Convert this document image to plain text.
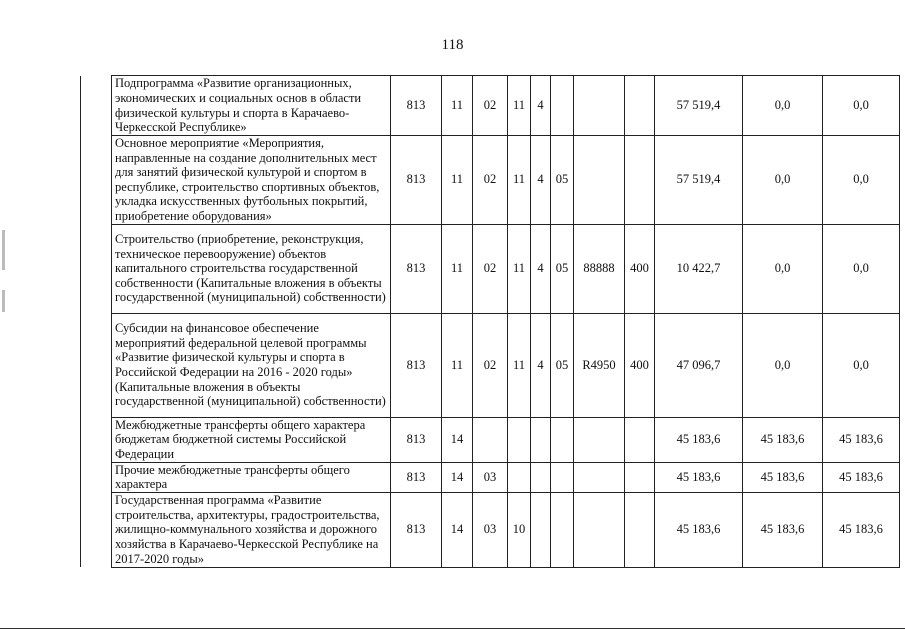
118
	Подпрограмма «Развитие организационных, экономических и социальных основ в области физической культуры и спорта в Карачаево-Черкесской Республике»	813	11	02	11	4				57 519,4	0,0	0,0
	Основное мероприятие «Мероприятия, направленные на создание дополнительных мест для занятий физической культурой и спортом в республике, строительство спортивных объектов, укладка искусственных футбольных покрытий, приобретение оборудования»	813	11	02	11	4	05			57 519,4	0,0	0,0
	Строительство (приобретение, реконструкция, техническое перевооружение) объектов капитального строительства государственной собственности (Капитальные вложения в объекты государственной (муниципальной) собственности)	813	11	02	11	4	05	88888	400	10 422,7	0,0	0,0
	Субсидии на финансовое обеспечение мероприятий федеральной целевой программы «Развитие физической культуры и спорта в Российской Федерации на 2016 - 2020 годы» (Капитальные вложения в объекты государственной (муниципальной) собственности)	813	11	02	11	4	05	R4950	400	47 096,7	0,0	0,0
	Межбюджетные трансферты общего характера бюджетам бюджетной системы Российской Федерации	813	14							45 183,6	45 183,6	45 183,6
	Прочие межбюджетные трансферты общего характера	813	14	03						45 183,6	45 183,6	45 183,6
	Государственная программа «Развитие строительства, архитектуры, градостроительства, жилищно-коммунального хозяйства и дорожного хозяйства в Карачаево-Черкесской Республике на 2017-2020 годы»	813	14	03	10					45 183,6	45 183,6	45 183,6
